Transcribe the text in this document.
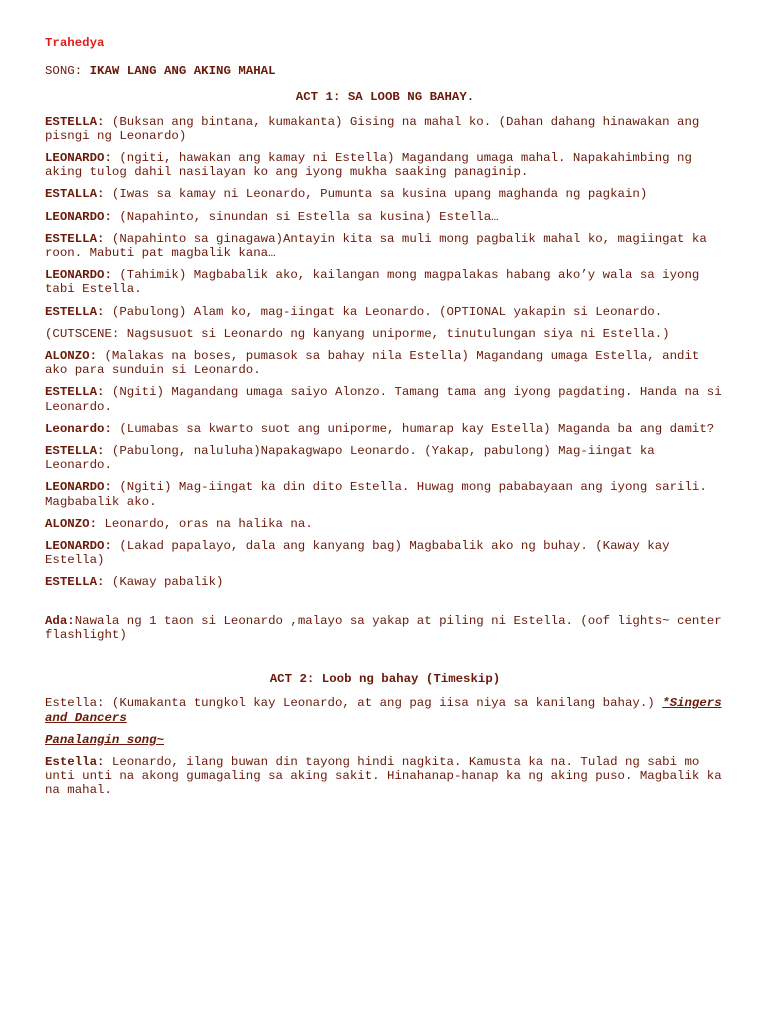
Trahedya
SONG: IKAW LANG ANG AKING MAHAL
ACT 1: SA LOOB NG BAHAY.

ESTELLA: (Buksan ang bintana, kumakanta) Gising na mahal ko. (Dahan dahang hinawakan ang pisngi ng Leonardo)

LEONARDO: (ngiti, hawakan ang kamay ni Estella) Magandang umaga mahal. Napakahimbing ng aking tulog dahil nasilayan ko ang iyong mukha saaking panaginip.

ESTALLA: (Iwas sa kamay ni Leonardo, Pumunta sa kusina upang maghanda ng pagkain)

LEONARDO: (Napahinto, sinundan si Estella sa kusina) Estella…

ESTELLA: (Napahinto sa ginagawa)Antayin kita sa muli mong pagbalik mahal ko, magiingat ka roon. Mabuti pat magbalik kana…

LEONARDO: (Tahimik) Magbabalik ako, kailangan mong magpalakas habang ako’y wala sa iyong tabi Estella.

ESTELLA: (Pabulong) Alam ko, mag-iingat ka Leonardo. (OPTIONAL yakapin si Leonardo.

(CUTSCENE: Nagsusuot si Leonardo ng kanyang uniporme, tinutulungan siya ni Estella.)

ALONZO: (Malakas na boses, pumasok sa bahay nila Estella) Magandang umaga Estella, andit ako para sunduin si Leonardo.

ESTELLA: (Ngiti) Magandang umaga saiyo Alonzo. Tamang tama ang iyong pagdating. Handa na si Leonardo.

Leonardo: (Lumabas sa kwarto suot ang uniporme, humarap kay Estella) Maganda ba ang damit?

ESTELLA: (Pabulong, naluluha)Napakagwapo Leonardo. (Yakap, pabulong) Mag-iingat ka Leonardo.

LEONARDO: (Ngiti) Mag-iingat ka din dito Estella. Huwag mong pababayaan ang iyong sarili. Magbabalik ako.

ALONZO: Leonardo, oras na halika na.

LEONARDO: (Lakad papalayo, dala ang kanyang bag) Magbabalik ako ng buhay. (Kaway kay Estella)

ESTELLA: (Kaway pabalik)

Ada:Nawala ng 1 taon si Leonardo ,malayo sa yakap at piling ni Estella. (oof lights~ center flashlight)

ACT 2: Loob ng bahay (Timeskip)

Estella: (Kumakanta tungkol kay Leonardo, at ang pag iisa niya sa kanilang bahay.) *Singers and Dancers

Panalangin song~

Estella: Leonardo, ilang buwan din tayong hindi nagkita. Kamusta ka na. Tulad ng sabi mo unti unti na akong gumagaling sa aking sakit. Hinahanap-hanap ka ng aking puso. Magbalik ka na mahal.
